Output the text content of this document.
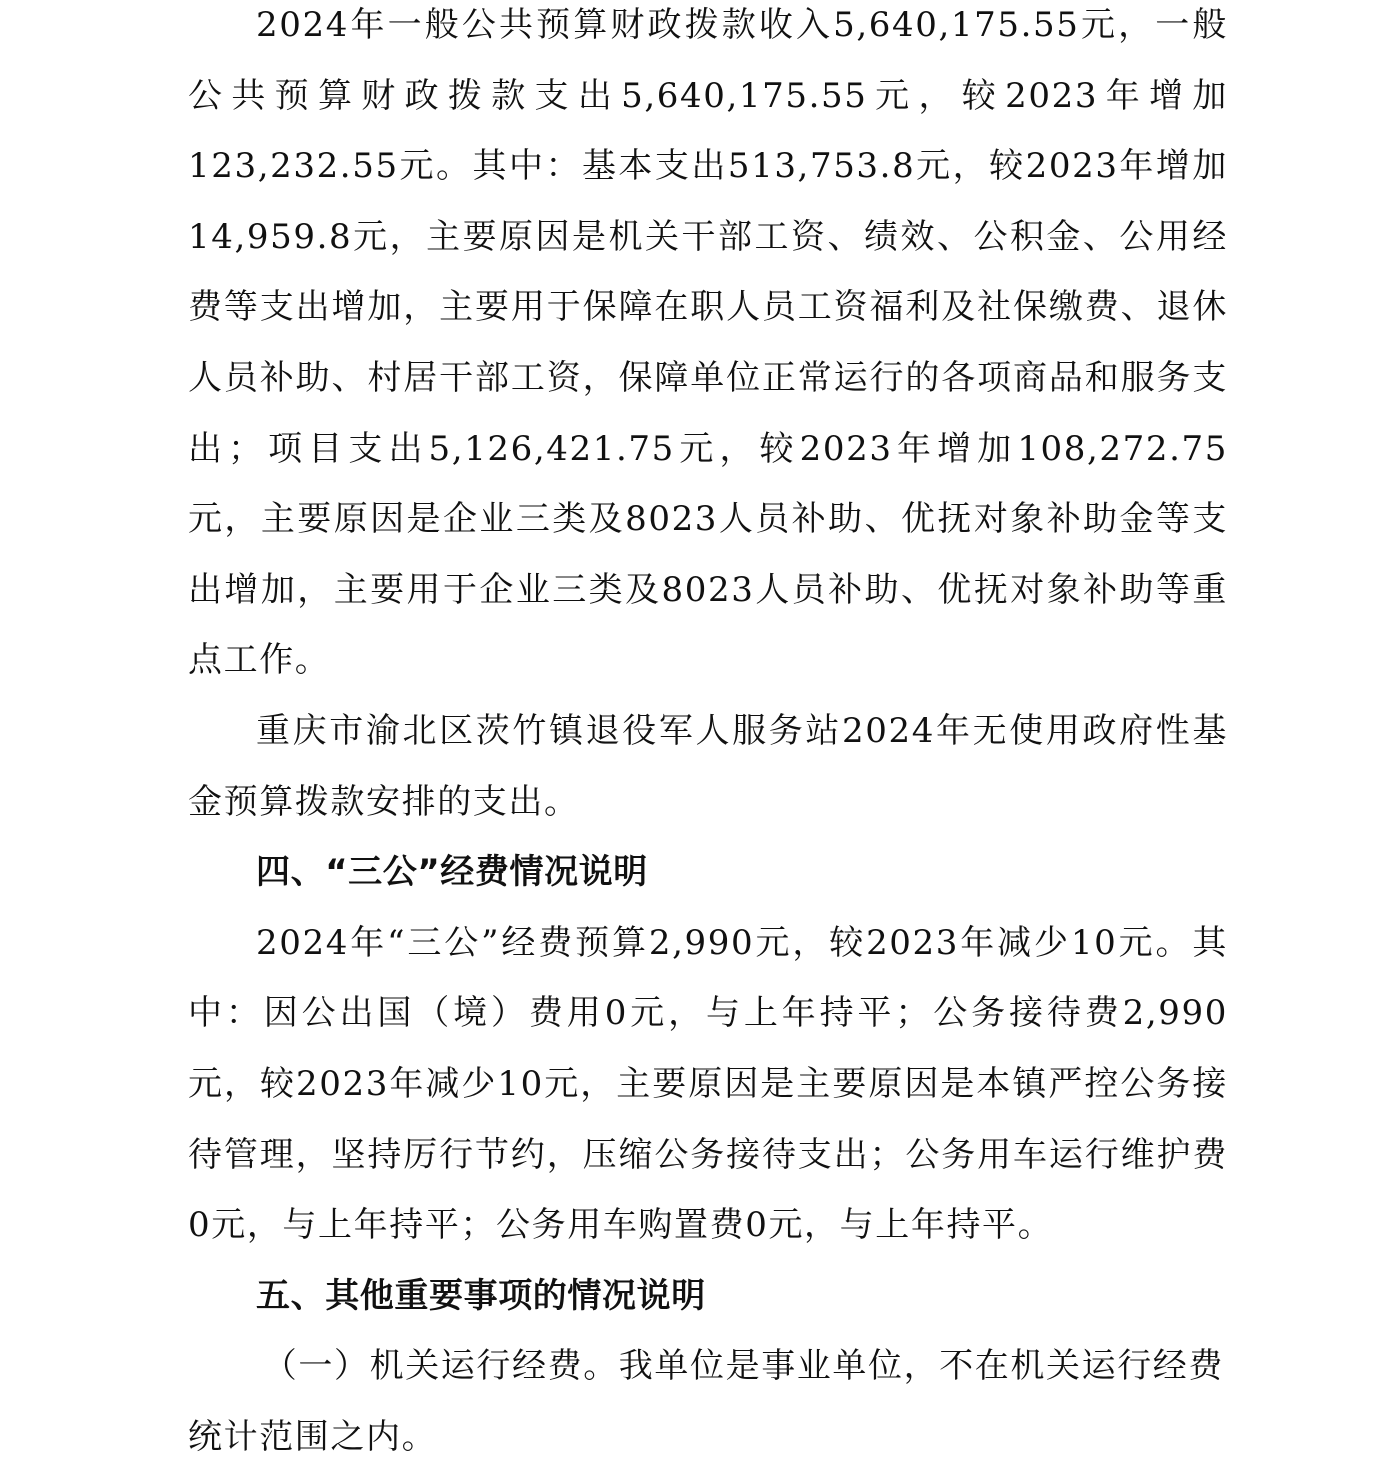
2024年一般公共预算财政拨款收入5,640,175.55元，一般公共预算财政拨款支出5,640,175.55元，较2023年增加123,232.55元。其中：基本支出513,753.8元，较2023年增加14,959.8元，主要原因是机关干部工资、绩效、公积金、公用经费等支出增加，主要用于保障在职人员工资福利及社保缴费、退休人员补助、村居干部工资，保障单位正常运行的各项商品和服务支出；项目支出5,126,421.75元，较2023年增加108,272.75元，主要原因是企业三类及8023人员补助、优抚对象补助金等支出增加，主要用于企业三类及8023人员补助、优抚对象补助等重点工作。

重庆市渝北区茨竹镇退役军人服务站2024年无使用政府性基金预算拨款安排的支出。

四、“三公”经费情况说明

2024年“三公”经费预算2,990元，较2023年减少10元。其中：因公出国（境）费用0元，与上年持平；公务接待费2,990元，较2023年减少10元，主要原因是主要原因是本镇严控公务接待管理，坚持厉行节约，压缩公务接待支出；公务用车运行维护费0元，与上年持平；公务用车购置费0元，与上年持平。

五、其他重要事项的情况说明

（一）机关运行经费。我单位是事业单位，不在机关运行经费统计范围之内。
